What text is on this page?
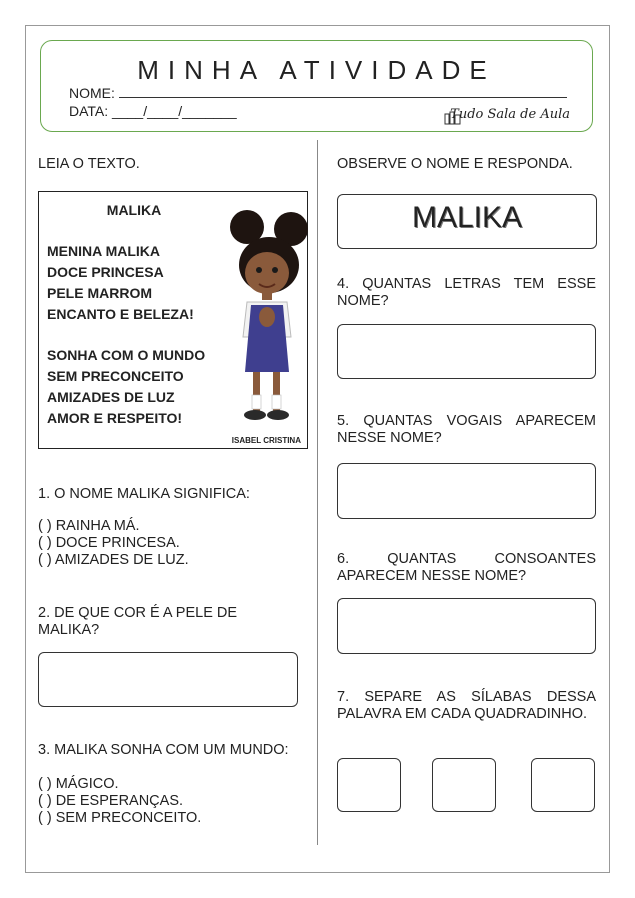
MINHA ATIVIDADE
NOME:
DATA: ____/____/_______	Tudo Sala de Aula
LEIA O TEXTO.
MALIKA
MENINA MALIKA
DOCE PRINCESA
PELE MARROM
ENCANTO E BELEZA!
SONHA COM O MUNDO
SEM PRECONCEITO
AMIZADES DE LUZ
AMOR E RESPEITO!
ISABEL CRISTINA
1. O NOME MALIKA SIGNIFICA:
( ) RAINHA MÁ.
( ) DOCE PRINCESA.
( ) AMIZADES DE LUZ.
2. DE QUE COR É A PELE DE
MALIKA?
3. MALIKA SONHA COM UM MUNDO:
( ) MÁGICO.
( ) DE ESPERANÇAS.
( ) SEM PRECONCEITO.
OBSERVE O NOME E RESPONDA.
MALIKA
4. QUANTAS LETRAS TEM ESSE
NOME?
5. QUANTAS VOGAIS APARECEM
NESSE NOME?
6. QUANTAS CONSOANTES
APARECEM NESSE NOME?
7. SEPARE AS SÍLABAS DESSA
PALAVRA EM CADA QUADRADINHO.
